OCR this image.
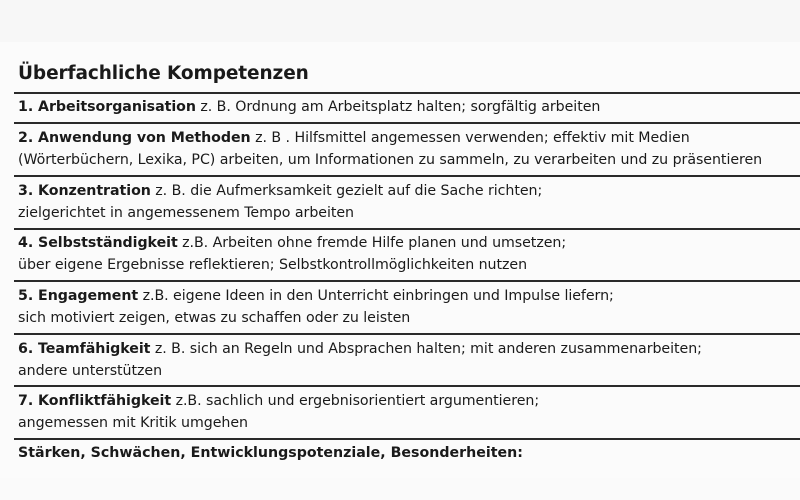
Überfachliche Kompetenzen
1. Arbeitsorganisation z. B. Ordnung am Arbeitsplatz halten; sorgfältig arbeiten
2. Anwendung von Methoden z. B . Hilfsmittel angemessen verwenden; effektiv mit Medien
(Wörterbüchern, Lexika, PC) arbeiten, um Informationen zu sammeln, zu verarbeiten und zu präsentieren
3. Konzentration z. B. die Aufmerksamkeit gezielt auf die Sache richten;
zielgerichtet in angemessenem Tempo arbeiten
4. Selbstständigkeit z.B. Arbeiten ohne fremde Hilfe planen und umsetzen;
über eigene Ergebnisse reflektieren; Selbstkontrollmöglichkeiten nutzen
5. Engagement z.B. eigene Ideen in den Unterricht einbringen und Impulse liefern;
sich motiviert zeigen, etwas zu schaffen oder zu leisten
6. Teamfähigkeit z. B. sich an Regeln und Absprachen halten; mit anderen zusammenarbeiten;
andere unterstützen
7. Konfliktfähigkeit z.B. sachlich und ergebnisorientiert argumentieren;
angemessen mit Kritik umgehen
Stärken, Schwächen, Entwicklungspotenziale, Besonderheiten:
